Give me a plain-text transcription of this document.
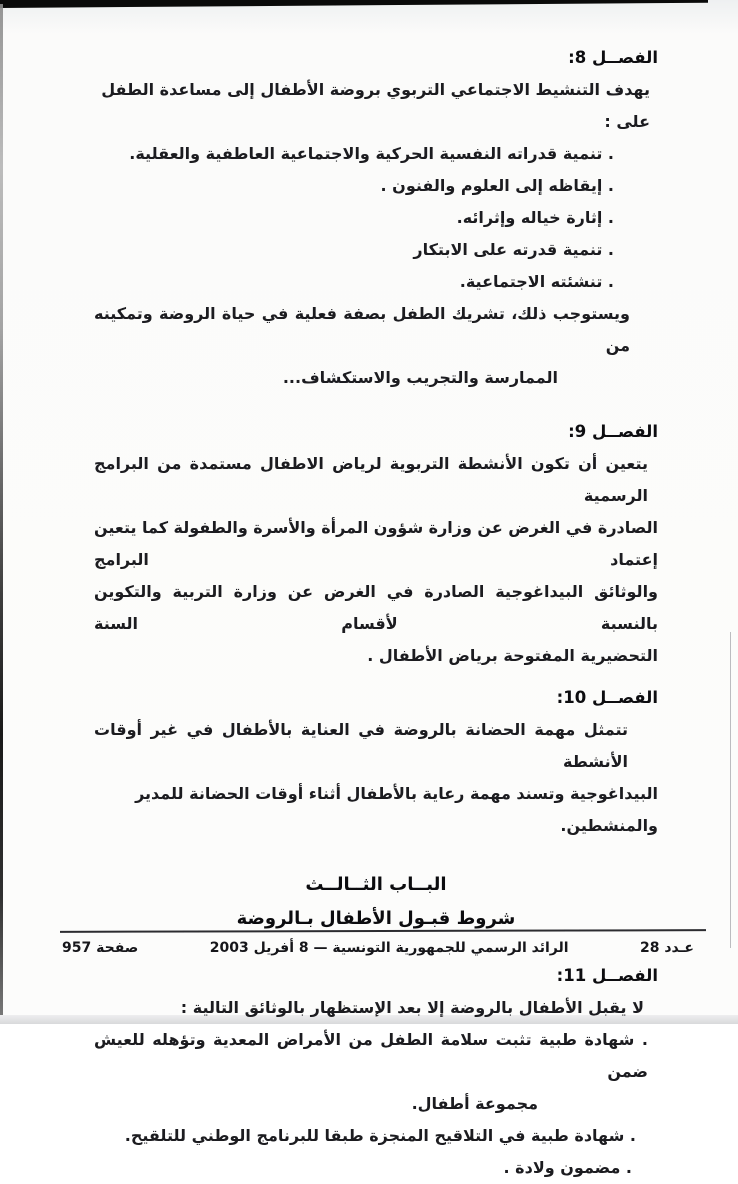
الفصــل 8:

يهدف التنشيط الاجتماعي التربوي بروضة الأطفال إلى مساعدة الطفل على :

. تنمية قدراته النفسية الحركية والاجتماعية العاطفية والعقلية.

. إيقاظه إلى العلوم والفنون .

. إثارة خياله وإثرائه.

. تنمية قدرته على الابتكار

. تنشئته الاجتماعية.

ويستوجب ذلك، تشريك الطفل بصفة فعلية في حياة الروضة وتمكينه من

الممارسة والتجريب والاستكشاف...

الفصــل 9:

يتعين أن تكون الأنشطة التربوية لرياض الاطفال مستمدة من البرامج الرسمية

الصادرة في الغرض عن وزارة شؤون المرأة والأسرة والطفولة كما يتعين إعتماد البرامج

والوثائق البيداغوجية الصادرة في الغرض عن وزارة التربية والتكوين بالنسبة لأقسام السنة

التحضيرية المفتوحة برياض الأطفال .

الفصــل 10:

تتمثل مهمة الحضانة بالروضة في العناية بالأطفال في غير أوقات الأنشطة

البيداغوجية وتسند مهمة رعاية بالأطفال أثناء أوقات الحضانة للمدير والمنشطين.

البــاب الثــالــث

شروط قبـول الأطفال بـالروضة

الفصــل 11:

لا يقبل الأطفال بالروضة إلا بعد الإستظهار بالوثائق التالية :

. شهادة طبية تثبت سلامة الطفل من الأمراض المعدية وتؤهله للعيش ضمن

مجموعة أطفال.

. شهادة طبية في التلاقيح المنجزة طبقا للبرنامج الوطني للتلقيح.

. مضمون ولادة .

عـدد 28
الرائد الرسمي للجمهورية التونسية — 8 أفريل 2003
صفحة 957
